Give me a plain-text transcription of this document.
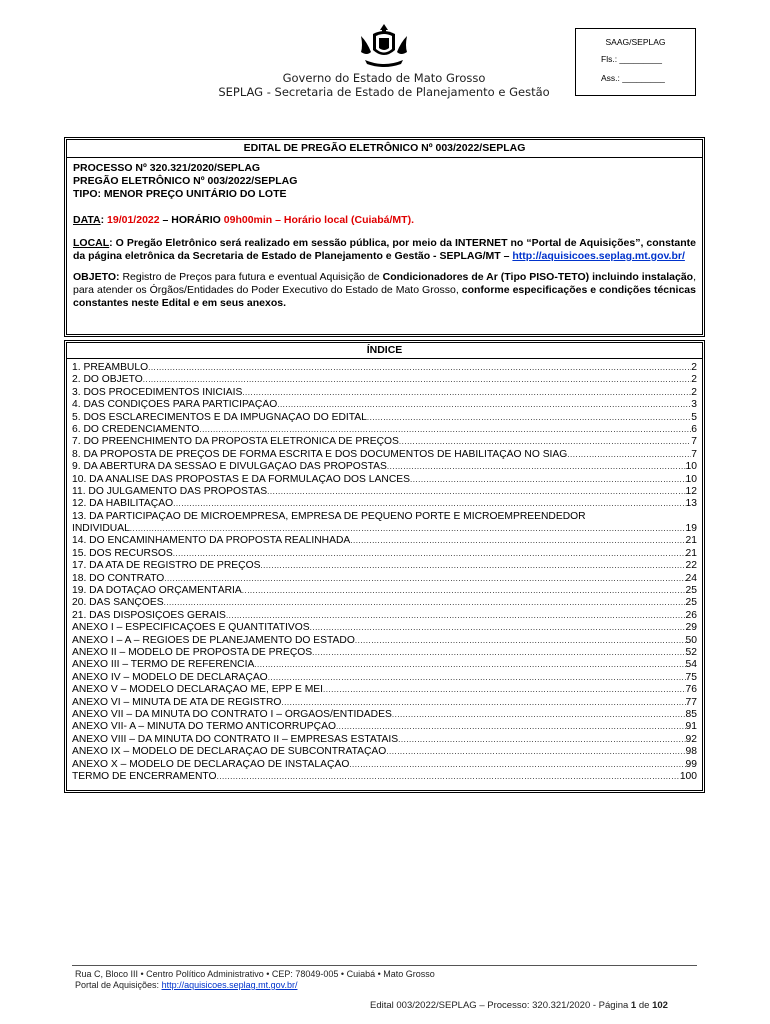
Governo do Estado de Mato Grosso
SEPLAG - Secretaria de Estado de Planejamento e Gestão
SAAG/SEPLAG
Fls.: _________
Ass.: _________
EDITAL DE PREGÃO ELETRÔNICO Nº 003/2022/SEPLAG
PROCESSO Nº 320.321/2020/SEPLAG
PREGÃO ELETRÔNICO Nº 003/2022/SEPLAG
TIPO: MENOR PREÇO UNITÁRIO DO LOTE
DATA: 19/01/2022 – HORÁRIO 09h00min – Horário local (Cuiabá/MT).
LOCAL: O Pregão Eletrônico será realizado em sessão pública, por meio da INTERNET no “Portal de Aquisições”, constante da página eletrônica da Secretaria de Estado de Planejamento e Gestão - SEPLAG/MT – http://aquisicoes.seplag.mt.gov.br/
OBJETO: Registro de Preços para futura e eventual Aquisição de Condicionadores de Ar (Tipo PISO-TETO) incluindo instalação, para atender os Órgãos/Entidades do Poder Executivo do Estado de Mato Grosso, conforme especificações e condições técnicas constantes neste Edital e em seus anexos.
ÍNDICE
1. PREÂMBULO .....	2
2. DO OBJETO .....	2
3. DOS PROCEDIMENTOS INICIAIS .....	2
4. DAS CONDIÇÕES PARA PARTICIPAÇÃO .....	3
5. DOS ESCLARECIMENTOS E DA IMPUGNAÇÃO DO EDITAL .....	5
6. DO CREDENCIAMENTO .....	6
7. DO PREENCHIMENTO DA PROPOSTA ELETRÔNICA DE PREÇOS .....	7
8. DA PROPOSTA DE PREÇOS DE FORMA ESCRITA E DOS DOCUMENTOS DE HABILITAÇÃO NO SIAG .....	7
9. DA ABERTURA DA SESSÃO E DIVULGAÇÃO DAS PROPOSTAS .....	10
10. DA ANALISE DAS PROPOSTAS E DA FORMULAÇÃO DOS LANCES .....	10
11. DO JULGAMENTO DAS PROPOSTAS .....	12
12. DA HABILITAÇÃO .....	13
13. DA PARTICIPAÇÃO DE MICROEMPRESA, EMPRESA DE PEQUENO PORTE E MICROEMPREENDEDOR
INDIVIDUAL .....	19
14. DO ENCAMINHAMENTO DA PROPOSTA REALINHADA .....	21
15. DOS RECURSOS .....	21
17. DA ATA DE REGISTRO DE PREÇOS .....	22
18. DO CONTRATO .....	24
19. DA DOTAÇÃO ORÇAMENTÁRIA .....	25
20. DAS SANÇÕES .....	25
21. DAS DISPOSIÇÕES GERAIS .....	26
ANEXO I – ESPECIFICAÇÕES E QUANTITATIVOS .....	29
ANEXO I – A – REGIÕES DE PLANEJAMENTO DO ESTADO .....	50
ANEXO II – MODELO DE PROPOSTA DE PREÇOS .....	52
ANEXO III – TERMO DE REFERÊNCIA .....	54
ANEXO IV – MODELO DE DECLARAÇÃO .....	75
ANEXO V – MODELO DECLARAÇÃO ME, EPP E MEI .....	76
ANEXO VI – MINUTA DE ATA DE REGISTRO .....	77
ANEXO VII – DA MINUTA DO CONTRATO I – ÓRGÃOS/ENTIDADES .....	85
ANEXO VII- A – MINUTA DO TERMO ANTICORRUPÇÃO .....	91
ANEXO VIII – DA MINUTA DO CONTRATO II – EMPRESAS ESTATAIS .....	92
ANEXO IX – MODELO DE DECLARAÇÃO DE SUBCONTRATAÇÃO .....	98
ANEXO X – MODELO DE DECLARAÇÃO DE INSTALAÇÃO .....	99
TERMO DE ENCERRAMENTO .....	100
Rua C, Bloco III • Centro Político Administrativo • CEP: 78049-005 • Cuiabá • Mato Grosso
Portal de Aquisições: http://aquisicoes.seplag.mt.gov.br/
Edital 003/2022/SEPLAG – Processo: 320.321/2020 - Página 1 de 102
